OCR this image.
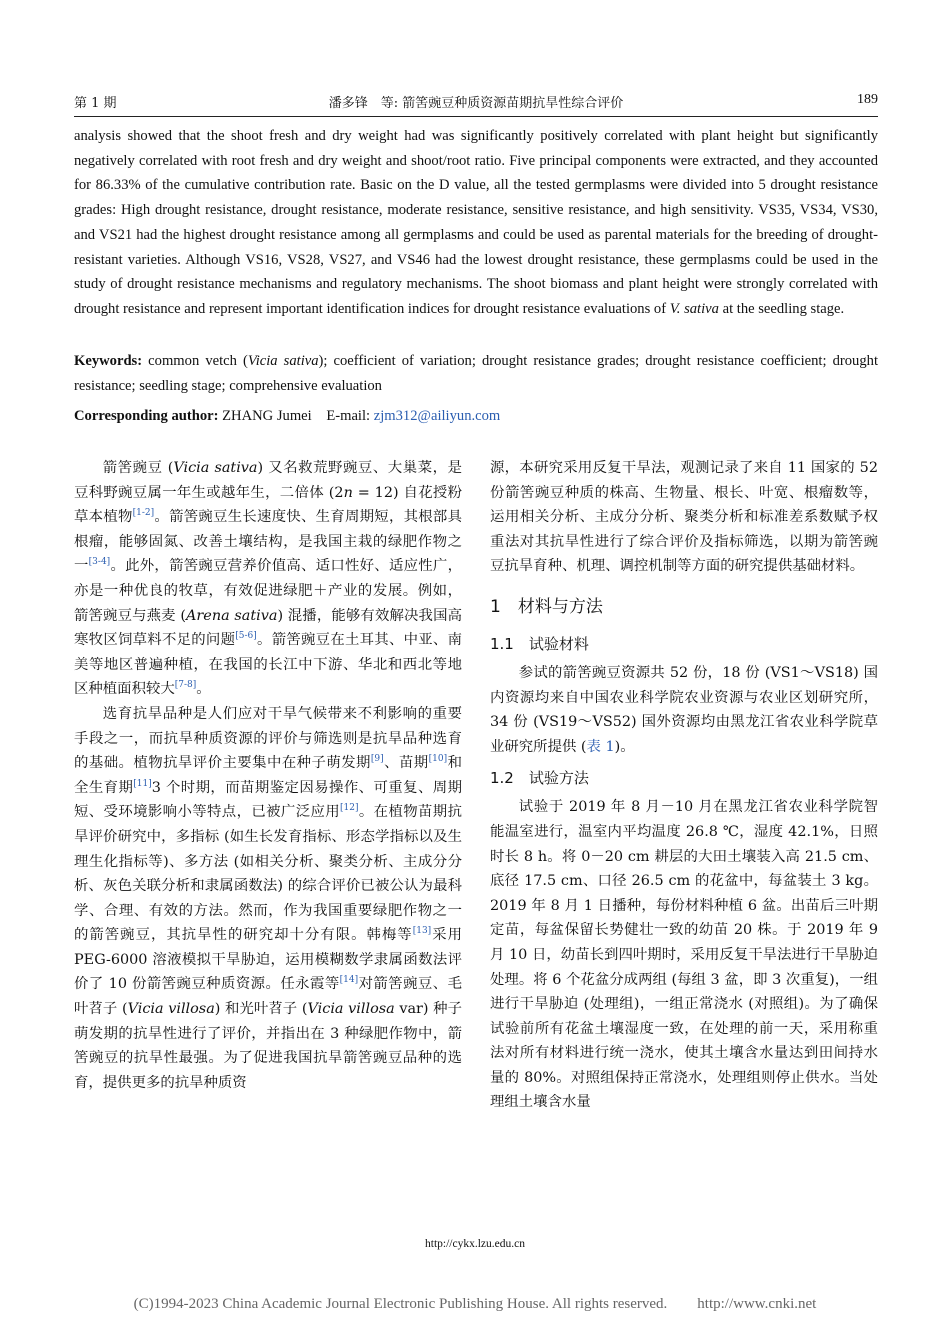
第 1 期	潘多锋　等: 箭筈豌豆种质资源苗期抗旱性综合评价	189
analysis showed that the shoot fresh and dry weight had was significantly positively correlated with plant height but significantly negatively correlated with root fresh and dry weight and shoot/root ratio. Five principal components were extracted, and they accounted for 86.33% of the cumulative contribution rate. Basic on the D value, all the tested germplasms were divided into 5 drought resistance grades: High drought resistance, drought resistance, moderate resistance, sensitive resistance, and high sensitivity. VS35, VS34, VS30, and VS21 had the highest drought resistance among all germplasms and could be used as parental materials for the breeding of drought-resistant varieties. Although VS16, VS28, VS27, and VS46 had the lowest drought resistance, these germplasms could be used in the study of drought resistance mechanisms and regulatory mechanisms. The shoot biomass and plant height were strongly correlated with drought resistance and represent important identification indices for drought resistance evaluations of V. sativa at the seedling stage.
Keywords: common vetch (Vicia sativa); coefficient of variation; drought resistance grades; drought resistance coefficient; drought resistance; seedling stage; comprehensive evaluation
Corresponding author: ZHANG Jumei  E-mail: zjm312@ailiyun.com

箭筈豌豆 (Vicia sativa) 又名救荒野豌豆、大巢菜，是豆科野豌豆属一年生或越年生，二倍体 (2n = 12) 自花授粉草本植物[1-2]。箭筈豌豆生长速度快、生育周期短，其根部具根瘤，能够固氮、改善土壤结构，是我国主栽的绿肥作物之一[3-4]。此外，箭筈豌豆营养价值高、适口性好、适应性广，亦是一种优良的牧草，有效促进绿肥＋产业的发展。例如，箭筈豌豆与燕麦 (Arena sativa) 混播，能够有效解决我国高寒牧区饲草料不足的问题[5-6]。箭筈豌豆在土耳其、中亚、南美等地区普遍种植，在我国的长江中下游、华北和西北等地区种植面积较大[7-8]。

选育抗旱品种是人们应对干旱气候带来不利影响的重要手段之一，而抗旱种质资源的评价与筛选则是抗旱品种选育的基础。植物抗旱评价主要集中在种子萌发期[9]、苗期[10]和全生育期[11]3 个时期，而苗期鉴定因易操作、可重复、周期短、受环境影响小等特点，已被广泛应用[12]。在植物苗期抗旱评价研究中，多指标 (如生长发育指标、形态学指标以及生理生化指标等)、多方法 (如相关分析、聚类分析、主成分分析、灰色关联分析和隶属函数法) 的综合评价已被公认为最科学、合理、有效的方法。然而，作为我国重要绿肥作物之一的箭筈豌豆，其抗旱性的研究却十分有限。韩梅等[13]采用 PEG-6000 溶液模拟干旱胁迫，运用模糊数学隶属函数法评价了 10 份箭筈豌豆种质资源。任永霞等[14]对箭筈豌豆、毛叶苕子 (Vicia villosa) 和光叶苕子 (Vicia villosa var) 种子萌发期的抗旱性进行了评价，并指出在 3 种绿肥作物中，箭筈豌豆的抗旱性最强。为了促进我国抗旱箭筈豌豆品种的选育，提供更多的抗旱种质资

源，本研究采用反复干旱法，观测记录了来自 11 国家的 52 份箭筈豌豆种质的株高、生物量、根长、叶宽、根瘤数等，运用相关分析、主成分分析、聚类分析和标准差系数赋予权重法对其抗旱性进行了综合评价及指标筛选，以期为箭筈豌豆抗旱育种、机理、调控机制等方面的研究提供基础材料。

1　材料与方法
1.1　试验材料

参试的箭筈豌豆资源共 52 份，18 份 (VS1～VS18) 国内资源均来自中国农业科学院农业资源与农业区划研究所，34 份 (VS19～VS52) 国外资源均由黑龙江省农业科学院草业研究所提供 (表 1)。

1.2　试验方法

试验于 2019 年 8 月－10 月在黑龙江省农业科学院智能温室进行，温室内平均温度 26.8 ℃，湿度 42.1%，日照时长 8 h。将 0－20 cm 耕层的大田土壤装入高 21.5 cm、底径 17.5 cm、口径 26.5 cm 的花盆中，每盆装土 3 kg。2019 年 8 月 1 日播种，每份材料种植 6 盆。出苗后三叶期定苗，每盆保留长势健壮一致的幼苗 20 株。于 2019 年 9 月 10 日，幼苗长到四叶期时，采用反复干旱法进行干旱胁迫处理。将 6 个花盆分成两组 (每组 3 盆，即 3 次重复)，一组进行干旱胁迫 (处理组)，一组正常浇水 (对照组)。为了确保试验前所有花盆土壤湿度一致，在处理的前一天，采用称重法对所有材料进行统一浇水，使其土壤含水量达到田间持水量的 80%。对照组保持正常浇水，处理组则停止供水。当处理组土壤含水量

http://cykx.lzu.edu.cn
(C)1994-2023 China Academic Journal Electronic Publishing House. All rights reserved.  http://www.cnki.net
